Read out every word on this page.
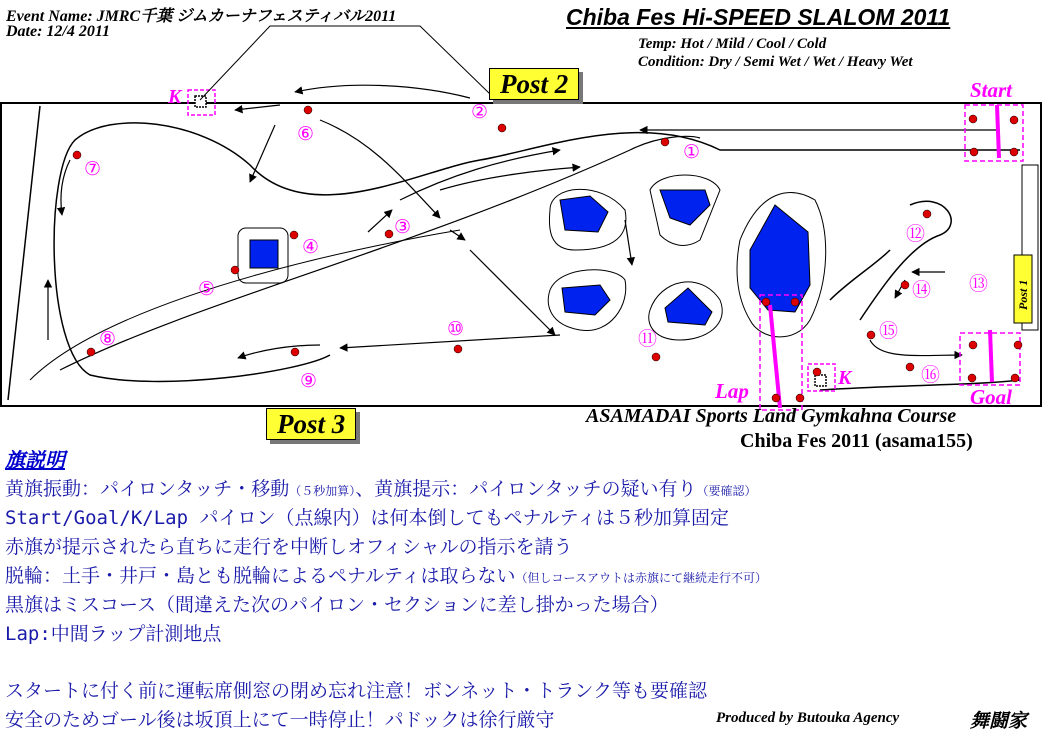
Event Name: JMRC千葉 ジムカーナフェスティバル2011
Date: 12/4 2011
Chiba Fes Hi-SPEED SLALOM 2011
Temp: Hot / Mild / Cool / Cold
Condition: Dry / Semi Wet / Wet / Heavy Wet
①
②
③
④
⑤
⑥
⑦
⑧
⑨
⑩	⑪
⑫
⑬
⑭
⑮
⑯
Start
Goal
Lap
K
K
Post 1
Post 2
Post 3	ASAMADAI Sports Land Gymkahna Course
Chiba Fes 2011 (asama155)
旗説明
黄旗振動：パイロンタッチ・移動（５秒加算）、黄旗提示：パイロンタッチの疑い有り（要確認）
Start/Goal/K/Lap パイロン（点線内）は何本倒してもペナルティは５秒加算固定
赤旗が提示されたら直ちに走行を中断しオフィシャルの指示を請う
脱輪：土手・井戸・島とも脱輪によるペナルティは取らない（但しコースアウトは赤旗にて継続走行不可）
黒旗はミスコース（間違えた次のパイロン・セクションに差し掛かった場合）
Lap:中間ラップ計測地点
スタートに付く前に運転席側窓の閉め忘れ注意！ボンネット・トランク等も要確認
安全のためゴール後は坂頂上にて一時停止！パドックは徐行厳守	Produced by Butouka Agency	舞闘家
